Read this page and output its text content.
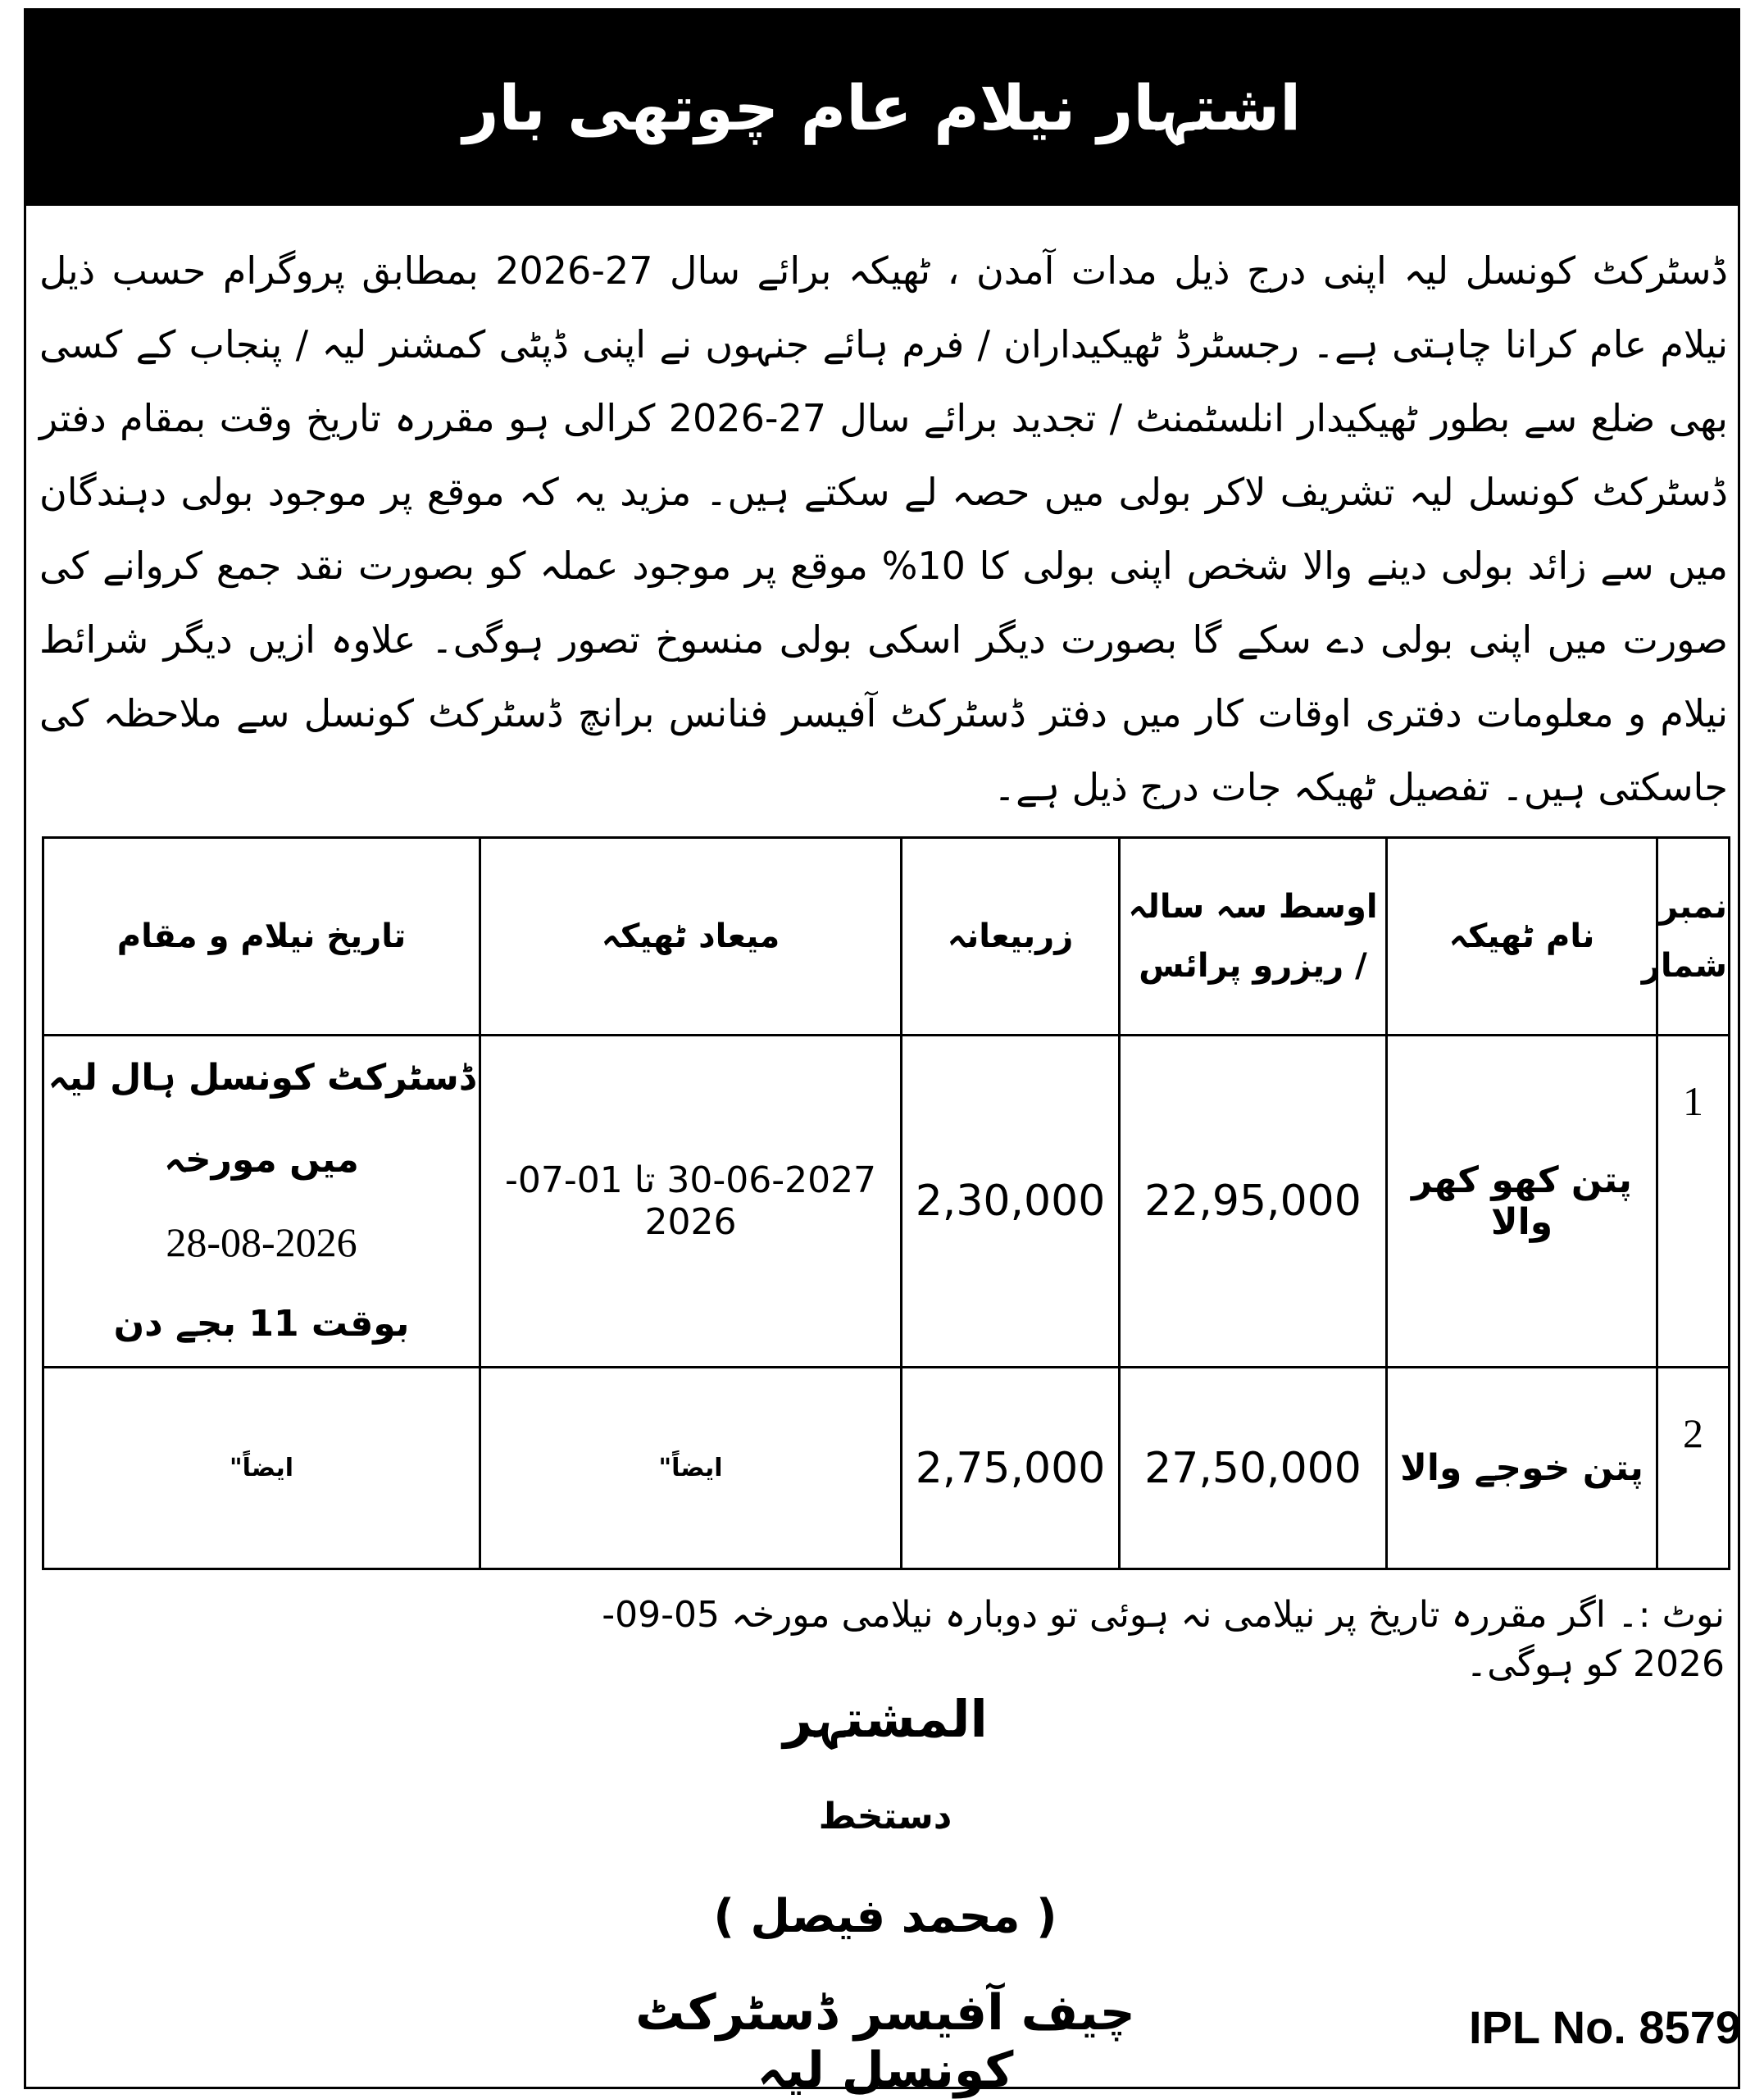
اشتہار نیلام عام چوتھی بار
ڈسٹرکٹ کونسل لیہ اپنی درج ذیل مدات آمدن ، ٹھیکہ برائے سال 27-2026 بمطابق پروگرام حسب ذیل نیلام عام کرانا چاہتی ہے۔ رجسٹرڈ ٹھیکیداران / فرم ہائے جنہوں نے اپنی ڈپٹی کمشنر لیہ / پنجاب کے کسی بھی ضلع سے بطور ٹھیکیدار انلسٹمنٹ / تجدید برائے سال 27-2026 کرالی ہو مقررہ تاریخ وقت بمقام دفتر ڈسٹرکٹ کونسل لیہ تشریف لاکر بولی میں حصہ لے سکتے ہیں۔ مزید یہ کہ موقع پر موجود بولی دہندگان میں سے زائد بولی دینے والا شخص اپنی بولی کا 10% موقع پر موجود عملہ کو بصورت نقد جمع کروانے کی صورت میں اپنی بولی دے سکے گا بصورت دیگر اسکی بولی منسوخ تصور ہوگی۔ علاوہ ازیں دیگر شرائط نیلام و معلومات دفتری اوقات کار میں دفتر ڈسٹرکٹ آفیسر فنانس برانچ ڈسٹرکٹ کونسل سے ملاحظہ کی جاسکتی ہیں۔ تفصیل ٹھیکہ جات درج ذیل ہے۔
نمبر شمار	نام ٹھیکہ	اوسط سہ سالہ / ریزرو پرائس	زربیعانہ	میعاد ٹھیکہ	تاریخ نیلام و مقام
1	پتن کھو کھر والا	22,95,000	2,30,000	30-06-2027 تا 01-07-2026	ڈسٹرکٹ کونسل ہال لیہ میں مورخہ
28-08-2026
بوقت 11 بجے دن

2	پتن خوجے والا	27,50,000	2,75,000	ایضاً"	ایضاً"
نوٹ :۔ اگر مقررہ تاریخ پر نیلامی نہ ہوئی تو دوبارہ نیلامی مورخہ 05-09-2026 کو ہوگی۔
المشتہر
دستخط
( محمد فیصل )
چیف آفیسر ڈسٹرکٹ کونسل لیہ
IPL No. 8579
